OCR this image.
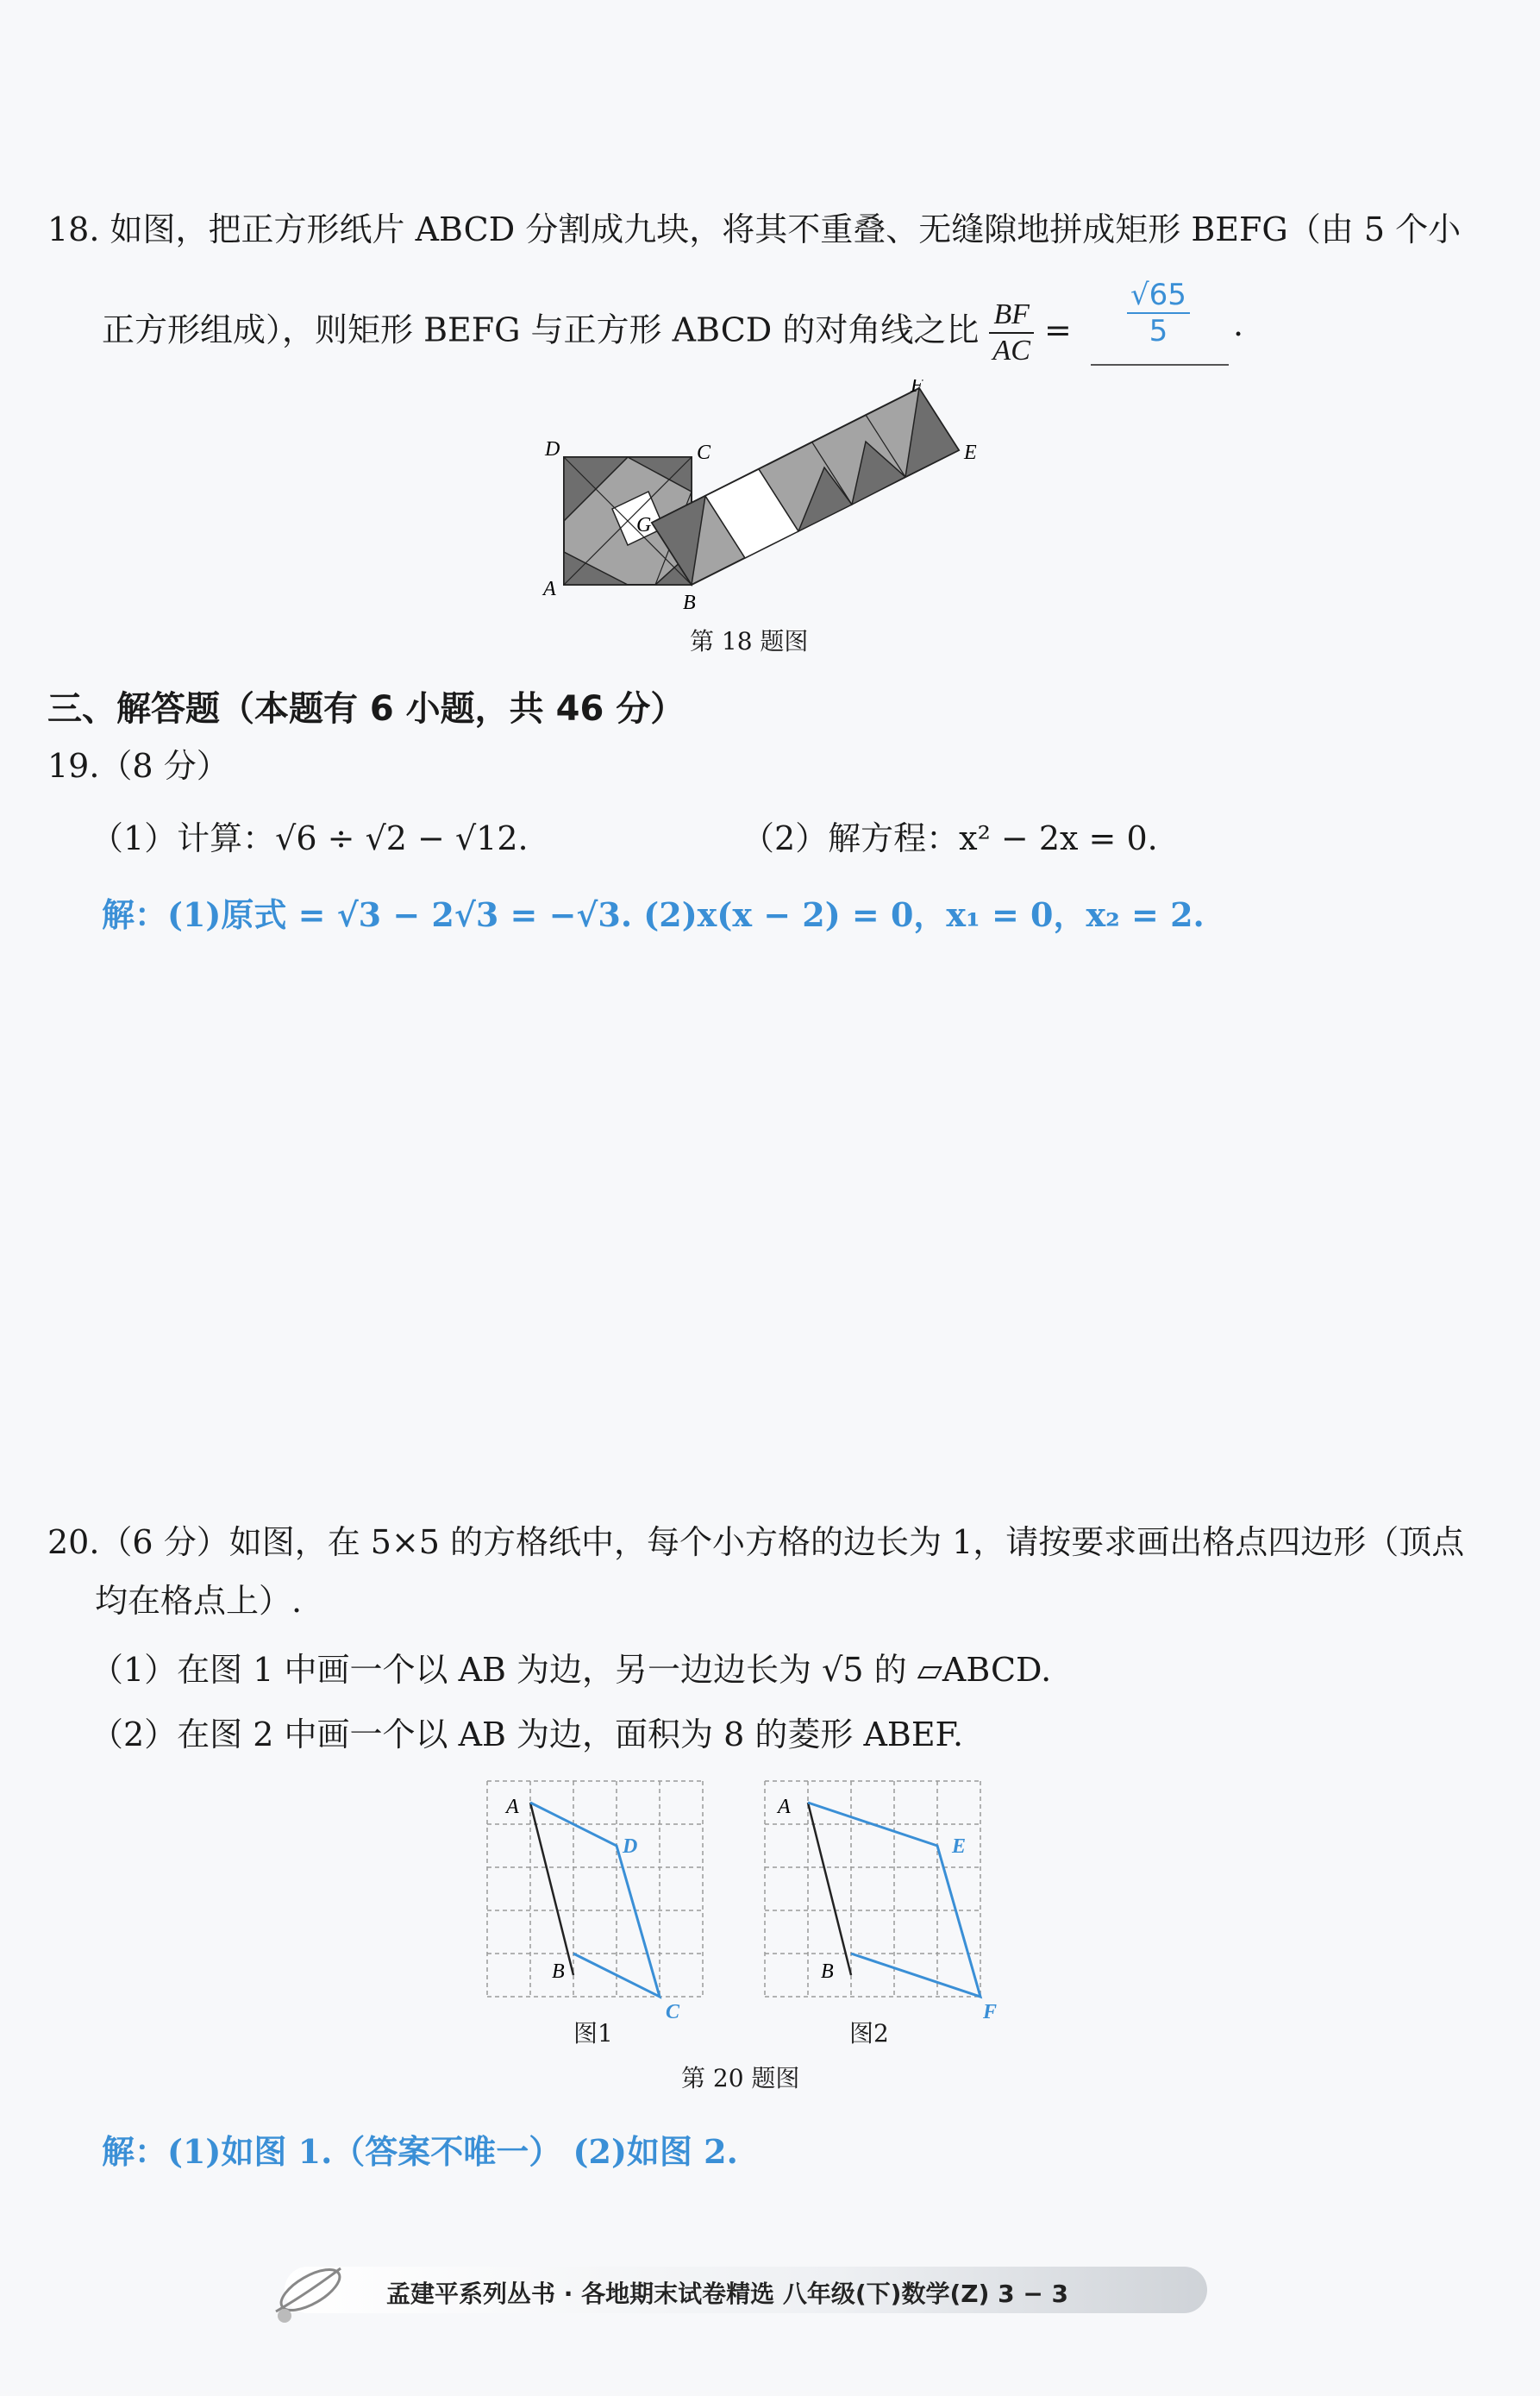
18. 如图，把正方形纸片 ABCD 分割成九块，将其不重叠、无缝隙地拼成矩形 BEFG（由 5 个小
正方形组成），则矩形 BEFG 与正方形 ABCD 的对角线之比 $\frac{BF}{AC} = \frac{√65}{5}$ .
D	C
A
B
G
E
F
第 18 题图
三、解答题（本题有 6 小题，共 46 分）
19.（8 分）
（1）计算：√6 ÷ √2 − √12.	（2）解方程：x² − 2x = 0.
解：(1)原式 = √3 − 2√3 = −√3. (2)x(x − 2) = 0，x₁ = 0，x₂ = 2.
20.（6 分）如图，在 5×5 的方格纸中，每个小方格的边长为 1，请按要求画出格点四边形（顶点
均在格点上）.
（1）在图 1 中画一个以 AB 为边，另一边边长为 √5 的 ▱ABCD.
（2）在图 2 中画一个以 AB 为边，面积为 8 的菱形 ABEF.
A
B
D
C
图1
A
B
E
F
图2
第 20 题图
解：(1)如图 1.（答案不唯一） (2)如图 2.
孟建平系列丛书 · 各地期末试卷精选 八年级(下)数学(Z) 3 − 3
